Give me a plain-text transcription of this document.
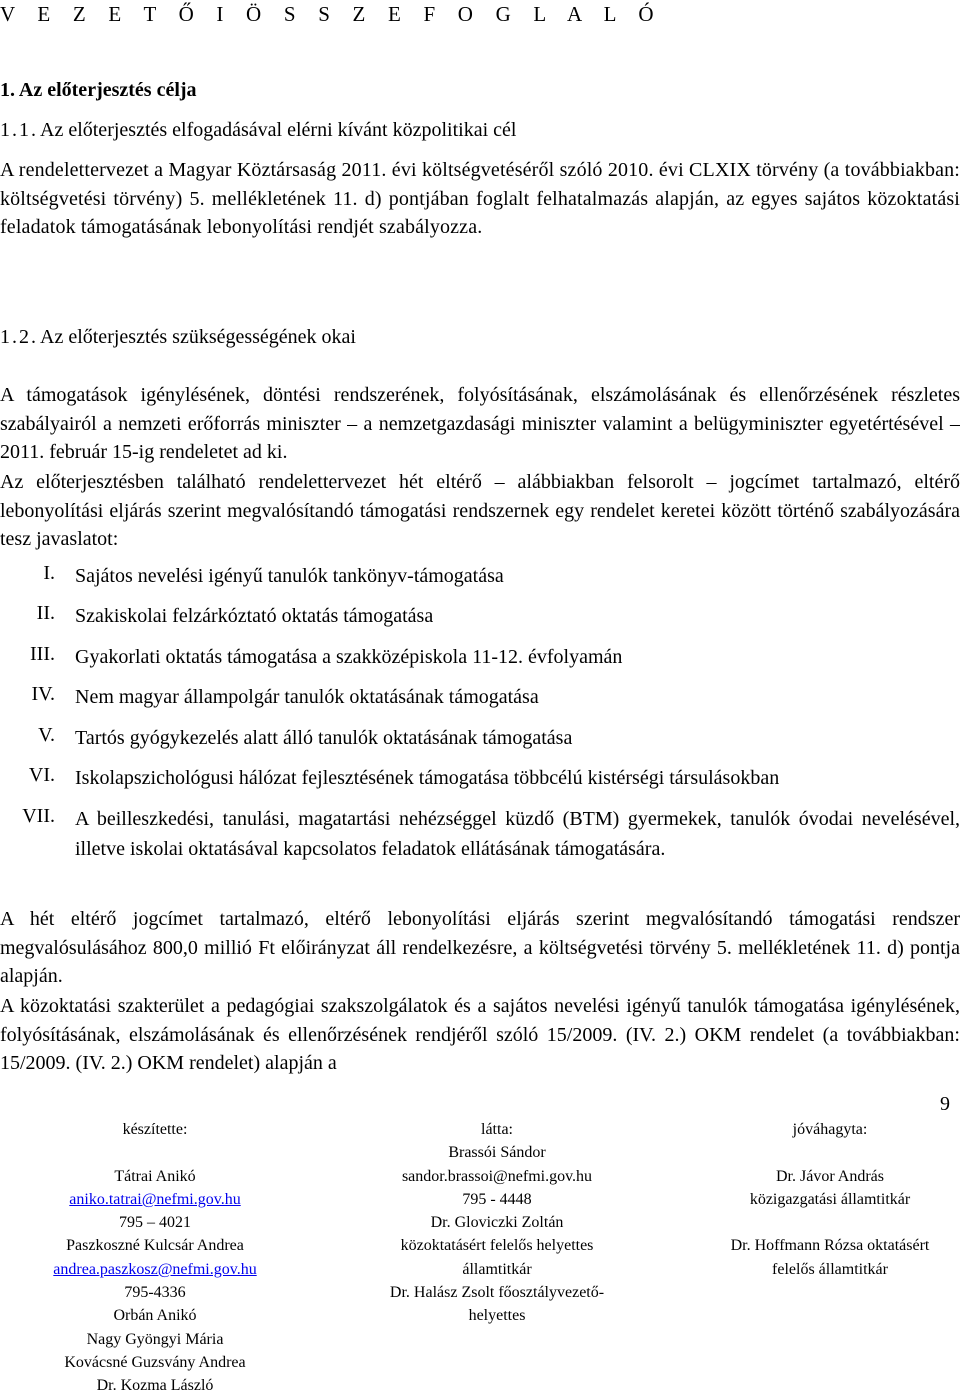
V E Z E T Ő I Ö S S Z E F O G L A L Ó
1. Az előterjesztés célja
1.1. Az előterjesztés elfogadásával elérni kívánt közpolitikai cél

A rendelettervezet a Magyar Köztársaság 2011. évi költségvetéséről szóló 2010. évi CLXIX törvény (a továbbiakban: költségvetési törvény) 5. mellékletének 11. d) pontjában foglalt felhatalmazás alapján, az egyes sajátos közoktatási feladatok támogatásának lebonyolítási rendjét szabályozza.

1.2. Az előterjesztés szükségességének okai

A támogatások igénylésének, döntési rendszerének, folyósításának, elszámolásának és ellenőrzésének részletes szabályairól a nemzeti erőforrás miniszter – a nemzetgazdasági miniszter valamint a belügyminiszter egyetértésével – 2011. február 15-ig rendeletet ad ki.

Az előterjesztésben található rendelettervezet hét eltérő – alábbiakban felsorolt – jogcímet tartalmazó, eltérő lebonyolítási eljárás szerint megvalósítandó támogatási rendszernek egy rendelet keretei között történő szabályozására tesz javaslatot:

I. Sajátos nevelési igényű tanulók tankönyv-támogatása
II. Szakiskolai felzárkóztató oktatás támogatása
III. Gyakorlati oktatás támogatása a szakközépiskola 11-12. évfolyamán
IV. Nem magyar állampolgár tanulók oktatásának támogatása
V. Tartós gyógykezelés alatt álló tanulók oktatásának támogatása
VI. Iskolapszichológusi hálózat fejlesztésének támogatása többcélú kistérségi társulásokban
VII. A beilleszkedési, tanulási, magatartási nehézséggel küzdő (BTM) gyermekek, tanulók óvodai nevelésével, illetve iskolai oktatásával kapcsolatos feladatok ellátásának támogatására.

A hét eltérő jogcímet tartalmazó, eltérő lebonyolítási eljárás szerint megvalósítandó támogatási rendszer megvalósulásához 800,0 millió Ft előirányzat áll rendelkezésre, a költségvetési törvény 5. mellékletének 11. d) pontja alapján.

A közoktatási szakterület a pedagógiai szakszolgálatok és a sajátos nevelési igényű tanulók támogatása igénylésének, folyósításának, elszámolásának és ellenőrzésének rendjéről szóló 15/2009. (IV. 2.) OKM rendelet (a továbbiakban: 15/2009. (IV. 2.) OKM rendelet) alapján a

készítette:
Tátrai Anikó
aniko.tatrai@nefmi.gov.hu
795 – 4021
Paszkoszné Kulcsár Andrea
andrea.paszkosz@nefmi.gov.hu
795-4336
Orbán Anikó
Nagy Gyöngyi Mária
Kovácsné Guzsvány Andrea
Dr. Kozma László
látta:
Brassói Sándor
sandor.brassoi@nefmi.gov.hu
795 - 4448
Dr. Gloviczki Zoltán
közoktatásért felelős helyettes
államtitkár
Dr. Halász Zsolt főosztályvezető-
helyettes
jóváhagyta:
Dr. Jávor András
közigazgatási államtitkár
Dr. Hoffmann Rózsa oktatásért
felelős államtitkár
9
